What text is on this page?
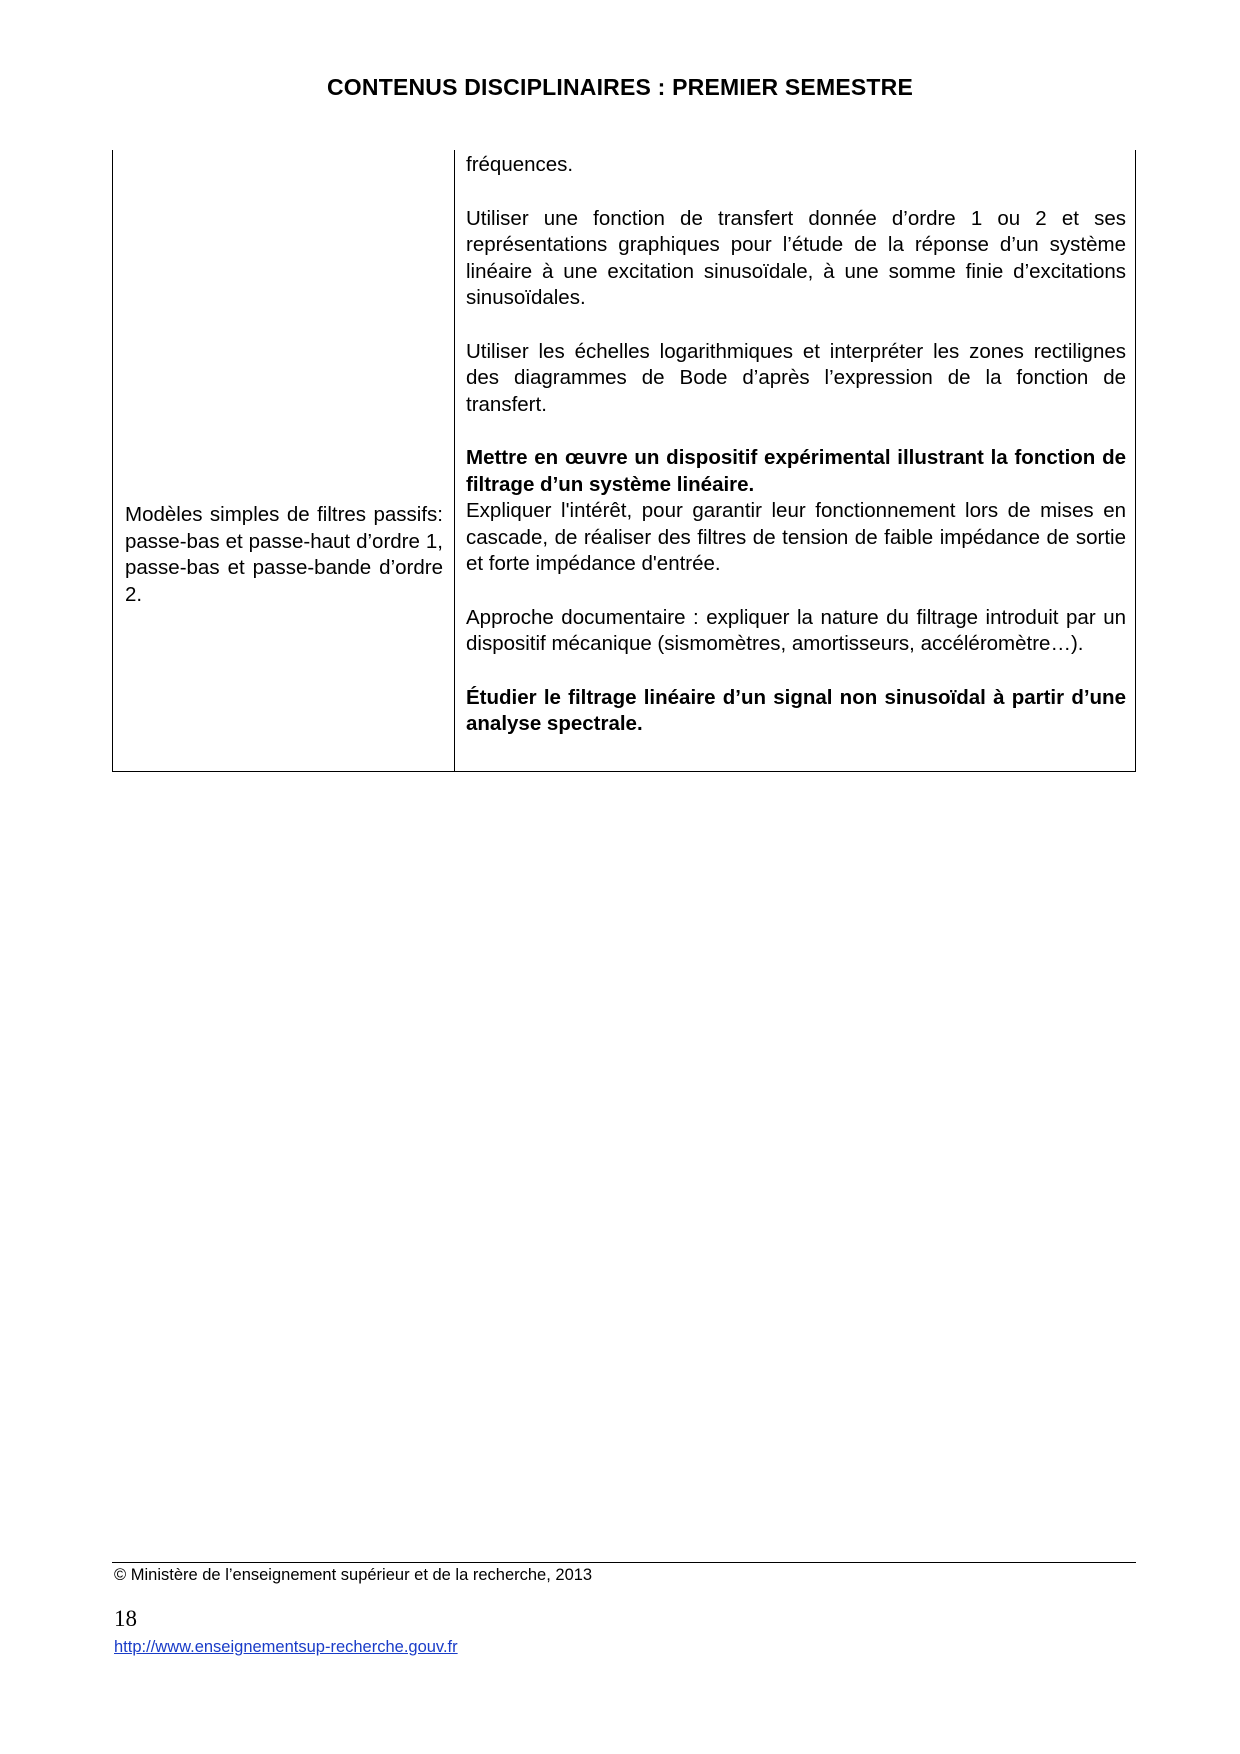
CONTENUS DISCIPLINAIRES : PREMIER SEMESTRE
Modèles simples de filtres passifs: passe-bas et passe-haut d’ordre 1, passe-bas et passe-bande d’ordre 2.

fréquences.

Utiliser une fonction de transfert donnée d’ordre 1 ou 2 et ses représentations graphiques pour l’étude de la réponse d’un système linéaire à une excitation sinusoïdale, à une somme finie d’excitations sinusoïdales.

Utiliser les échelles logarithmiques et interpréter les zones rectilignes des diagrammes de Bode d’après l’expression de la fonction de transfert.

Mettre en œuvre un dispositif expérimental illustrant la fonction de filtrage d’un système linéaire.

Expliquer l'intérêt, pour garantir leur fonctionnement lors de mises en cascade, de réaliser des filtres de tension de faible impédance de sortie et forte impédance d'entrée.

Approche documentaire : expliquer la nature du filtrage introduit par un dispositif mécanique (sismomètres, amortisseurs, accéléromètre…).

Étudier le filtrage linéaire d’un signal non sinusoïdal à partir d’une analyse spectrale.

© Ministère de l’enseignement supérieur et de la recherche, 2013
18
http://www.enseignementsup-recherche.gouv.fr
